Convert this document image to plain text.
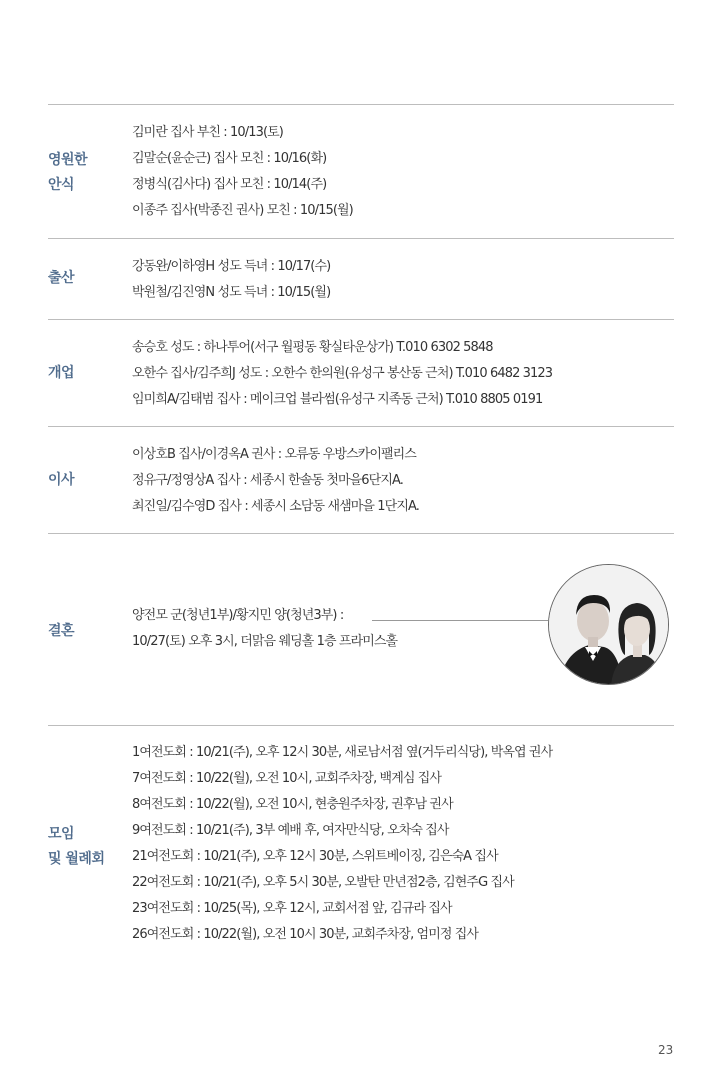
영원한
안식
김미란 집사 부친 : 10/13(토)
김말순(윤순근) 집사 모친 : 10/16(화)
정병식(김사다) 집사 모친 : 10/14(주)
이종주 집사(박종진 권사) 모친 : 10/15(월)
출산
강동완/이하영H 성도 득녀 : 10/17(수)
박원철/김진영N 성도 득녀 : 10/15(월)
개업
송승호 성도 : 하나투어(서구 월평동 황실타운상가) T.010 6302 5848
오한수 집사/김주희J 성도 : 오한수 한의원(유성구 봉산동 근처) T.010 6482 3123
임미희A/김태범 집사 : 메이크업 블라썸(유성구 지족동 근처) T.010 8805 0191
이사
이상호B 집사/이경옥A 권사 : 오류동 우방스카이팰리스
정유구/정영상A 집사 : 세종시 한솔동 첫마을6단지A.
최진일/김수영D 집사 : 세종시 소담동 새샘마을 1단지A.
결혼
양전모 군(청년1부)/황지민 양(청년3부) :
10/27(토) 오후 3시, 더맑음 웨딩홀 1층 프라미스홀
모임
및 월례회
1여전도회 : 10/21(주), 오후 12시 30분, 새로남서점 옆(거두리식당), 박옥엽 권사
7여전도회 : 10/22(월), 오전 10시, 교회주차장, 백계심 집사
8여전도회 : 10/22(월), 오전 10시, 현충원주차장, 권후남 권사
9여전도회 : 10/21(주), 3부 예배 후, 여자만식당, 오차숙 집사
21여전도회 : 10/21(주), 오후 12시 30분, 스위트베이징, 김은숙A 집사
22여전도회 : 10/21(주), 오후 5시 30분, 오발탄 만년점2층, 김현주G 집사
23여전도회 : 10/25(목), 오후 12시, 교회서점 앞, 김규라 집사
26여전도회 : 10/22(월), 오전 10시 30분, 교회주차장, 엄미정 집사
23
